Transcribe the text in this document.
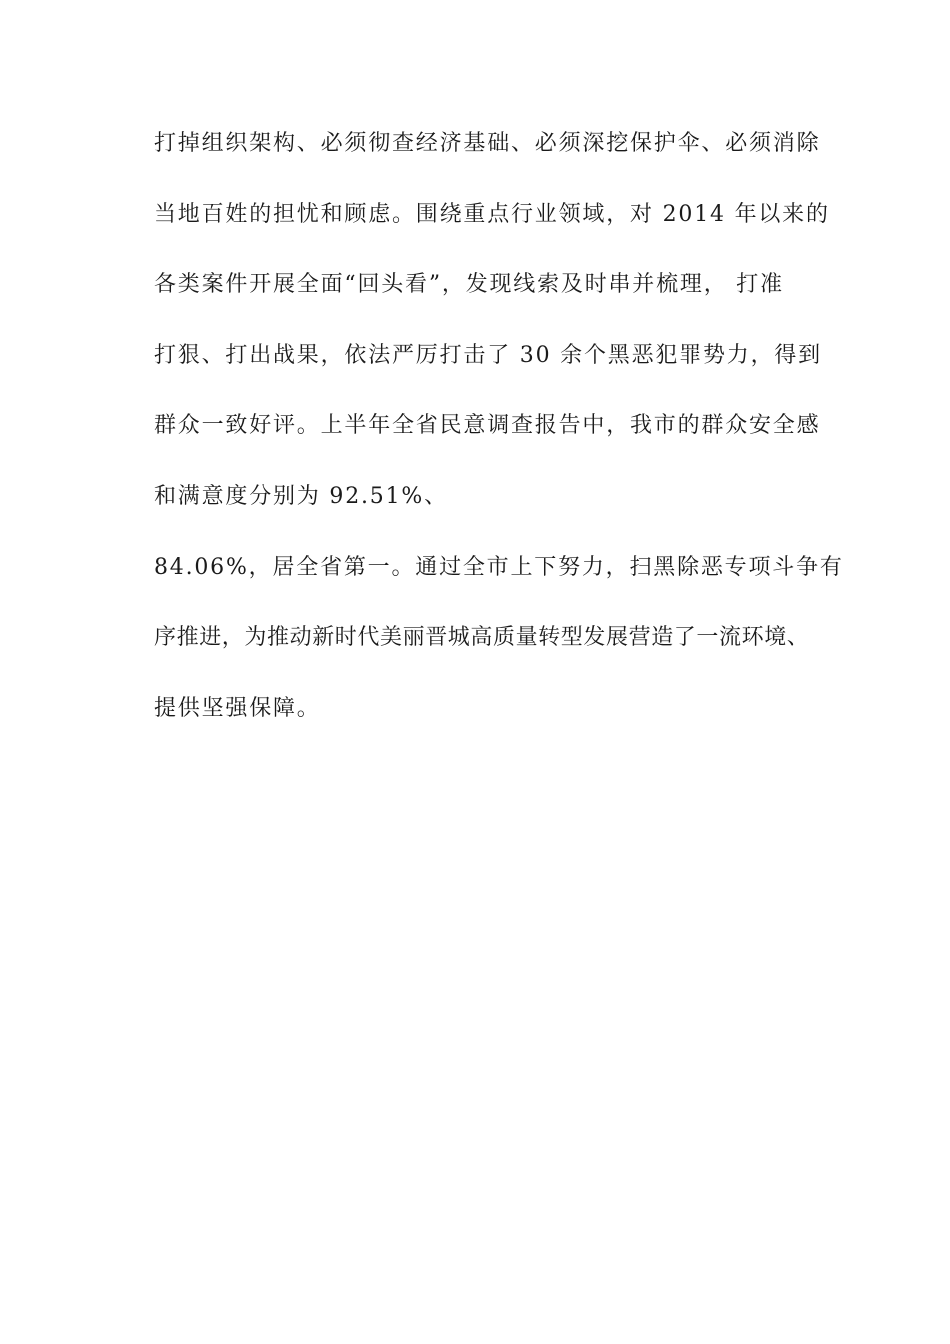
打掉组织架构、必须彻查经济基础、必须深挖保护伞、必须消除
当地百姓的担忧和顾虑。围绕重点行业领域，对 2014 年以来的
各类案件开展全面“回头看”，发现线索及时串并梳理， 打准
打狠、打出战果，依法严厉打击了 30 余个黑恶犯罪势力，得到
群众一致好评。上半年全省民意调查报告中，我市的群众安全感
和满意度分别为 92.51%、
84.06%，居全省第一。通过全市上下努力，扫黑除恶专项斗争有
序推进，为推动新时代美丽晋城高质量转型发展营造了一流环境、
提供坚强保障。
